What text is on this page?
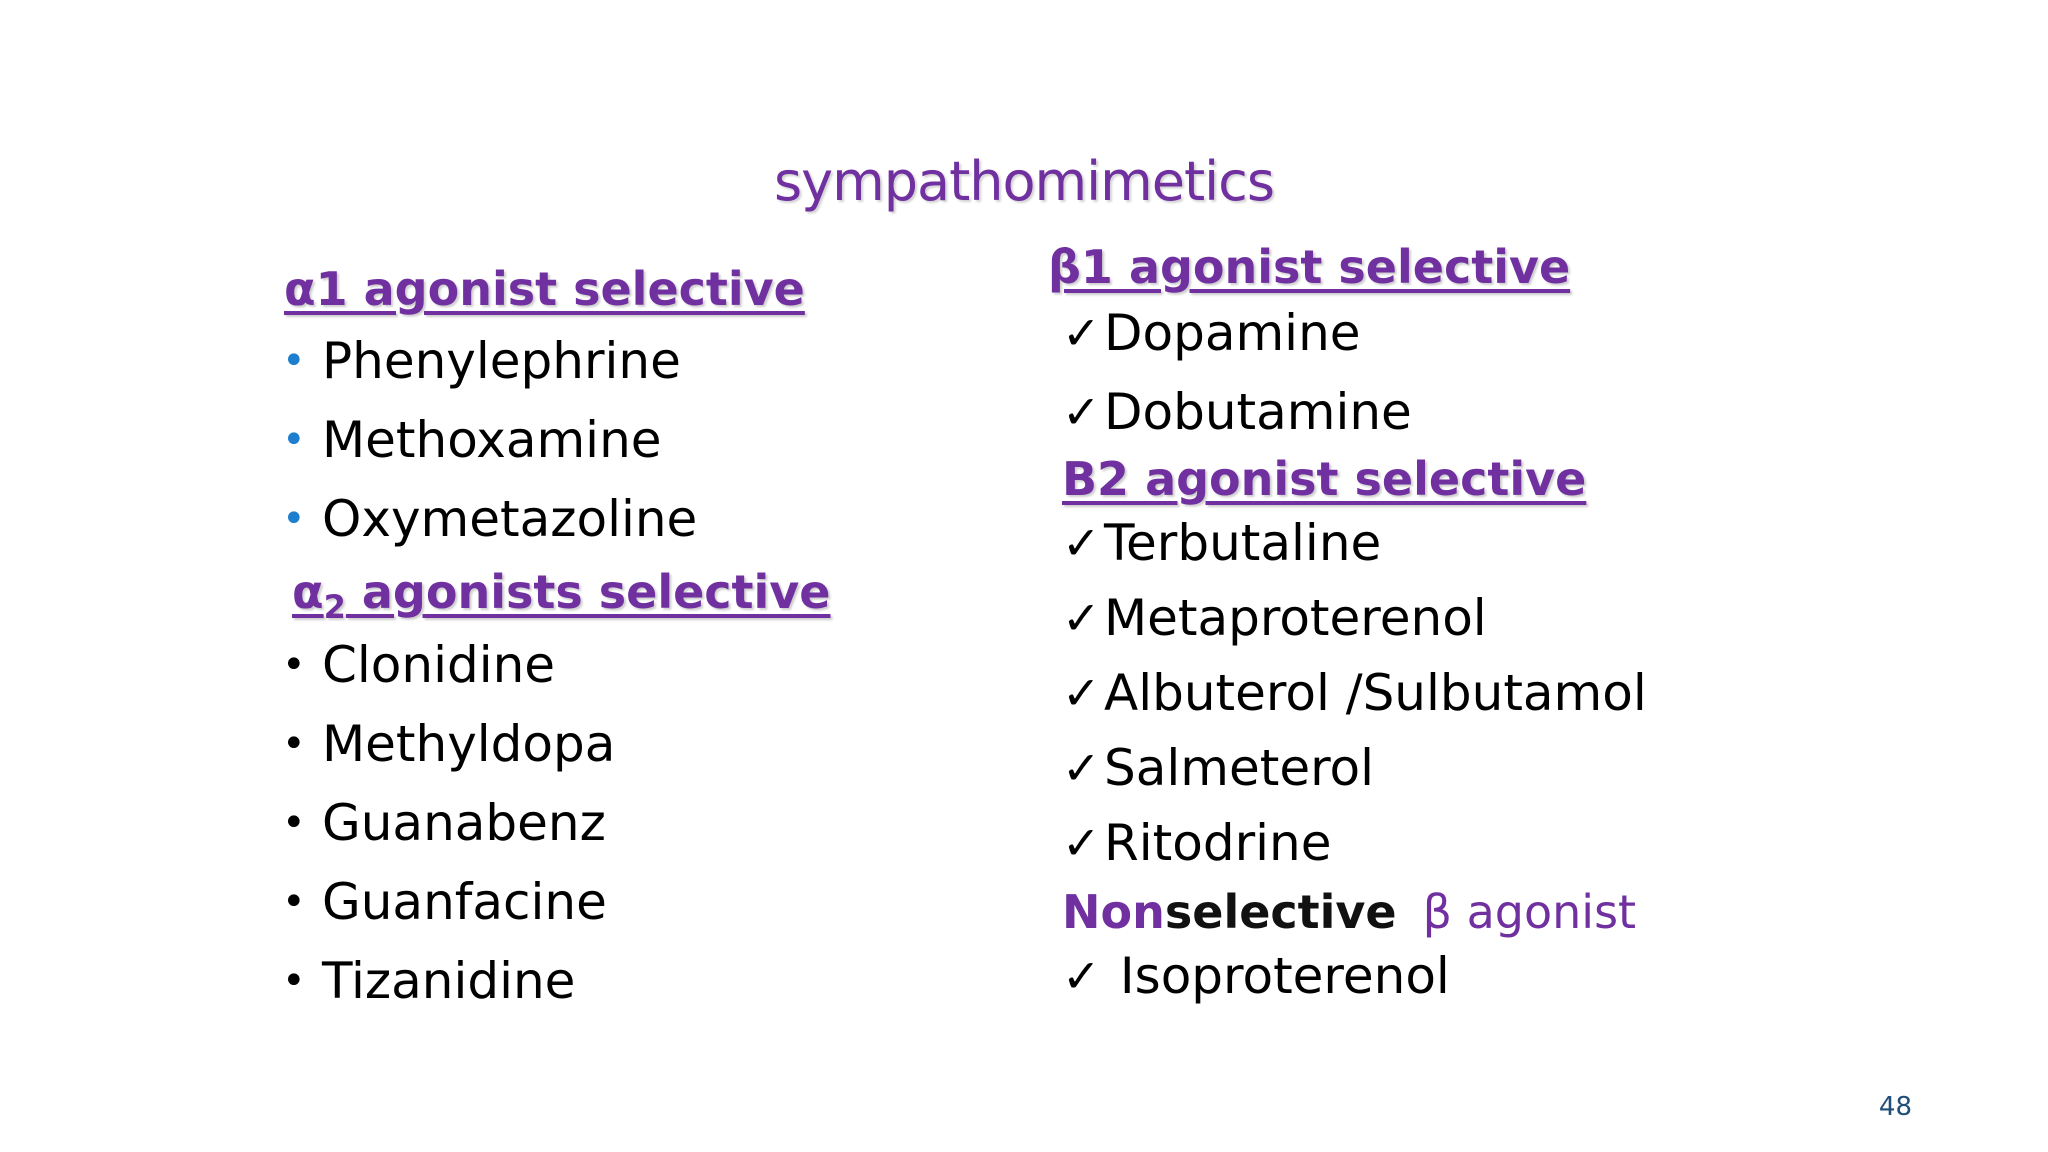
sympathomimetics
α1 agonist selective
• Phenylephrine
• Methoxamine
• Oxymetazoline
$\alpha_2$ agonists selective
• Clonidine
• Methyldopa
• Guanabenz
• Guanfacine
• Tizanidine
β1 agonist selective
✓ Dopamine
✓ Dobutamine
B2 agonist selective
✓ Terbutaline
✓ Metaproterenol
✓ Albuterol /Sulbutamol
✓ Salmeterol
✓ Ritodrine
Nonselective β agonist
✓ Isoproterenol
48
